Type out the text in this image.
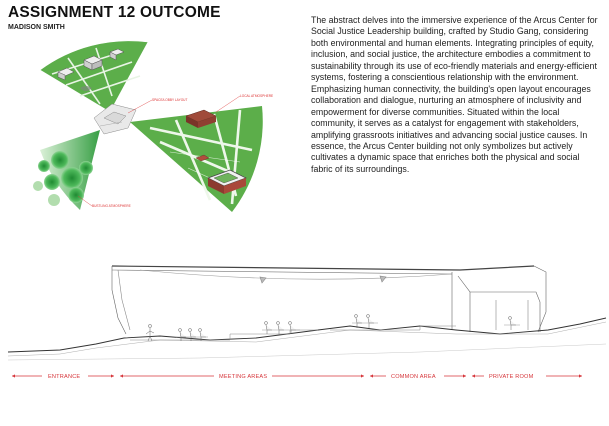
ASSIGNMENT 12 OUTCOME
MADISON SMITH

The abstract delves into the immersive experience of the Arcus Center for Social Justice Leadership building, crafted by Studio Gang, considering both environmental and human elements. Integrating principles of equity, inclusion, and social justice, the architecture embodies a commitment to sustainability through its use of eco-friendly materials and energy-efficient systems, fostering a conscientious relationship with the environment. Emphasizing human connectivity, the building's open layout encourages collaboration and dialogue, nurturing an atmosphere of inclusivity and empowerment for diverse communities. Situated within the local community, it serves as a catalyst for engagement with stakeholders, amplifying grassroots initiatives and advancing social justice causes. In essence, the Arcus Center building not only symbolizes but actively cultivates a dynamic space that enriches both the physical and social fabric of its surroundings.

SPACE/LOBBY LAYOUT
BUSTLING ATMOSPHERE
LOCAL ATMOSPHERE
ENTRANCE	MEETING AREAS	COMMON AREA	PRIVATE ROOM
